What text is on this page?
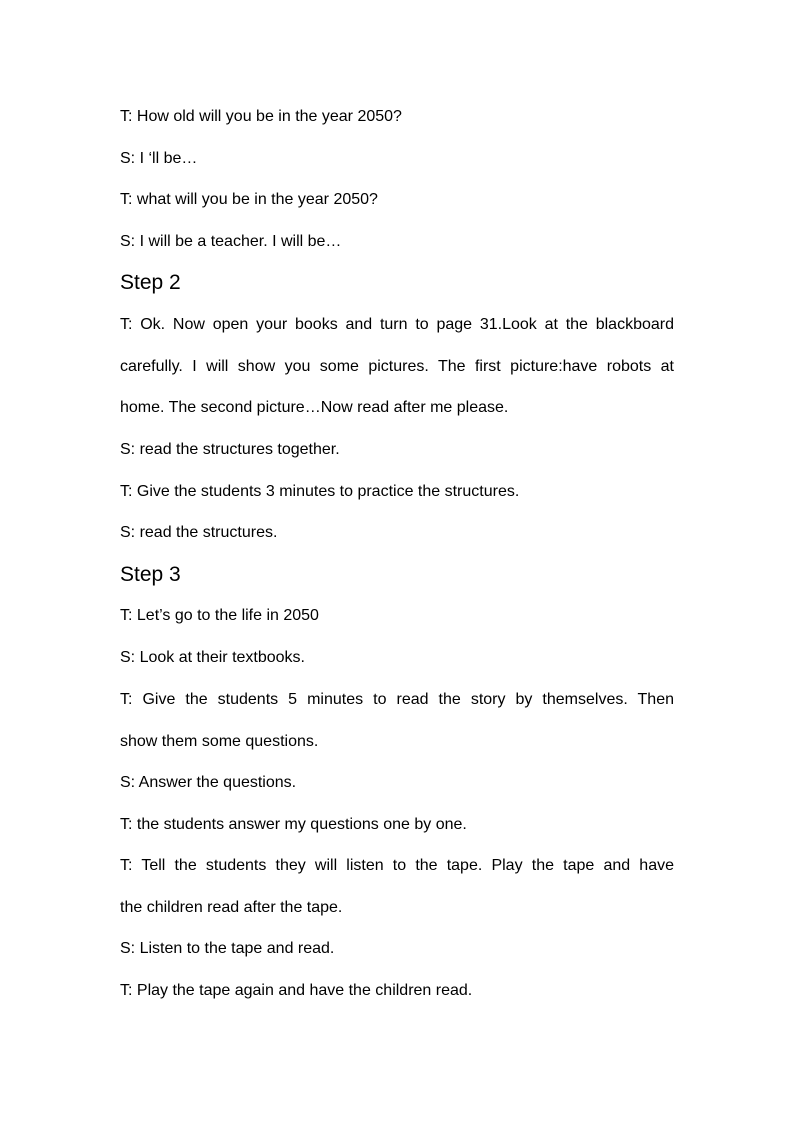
T: How old will you be in the year 2050?
S: I ‘ll be…
T: what will you be in the year 2050?
S: I will be a teacher. I will be…
Step 2
T: Ok. Now open your books and turn to page 31.Look at the blackboard
carefully. I will show you some pictures. The first picture:have robots at
home. The second picture…Now read after me please.
S: read the structures together.
T: Give the students 3 minutes to practice the structures.
S: read the structures.
Step 3
T: Let’s go to the life in 2050
S: Look at their textbooks.
T: Give the students 5 minutes to read the story by themselves. Then
show them some questions.
S: Answer the questions.
T: the students answer my questions one by one.
T: Tell the students they will listen to the tape. Play the tape and have
the children read after the tape.
S: Listen to the tape and read.
T: Play the tape again and have the children read.
